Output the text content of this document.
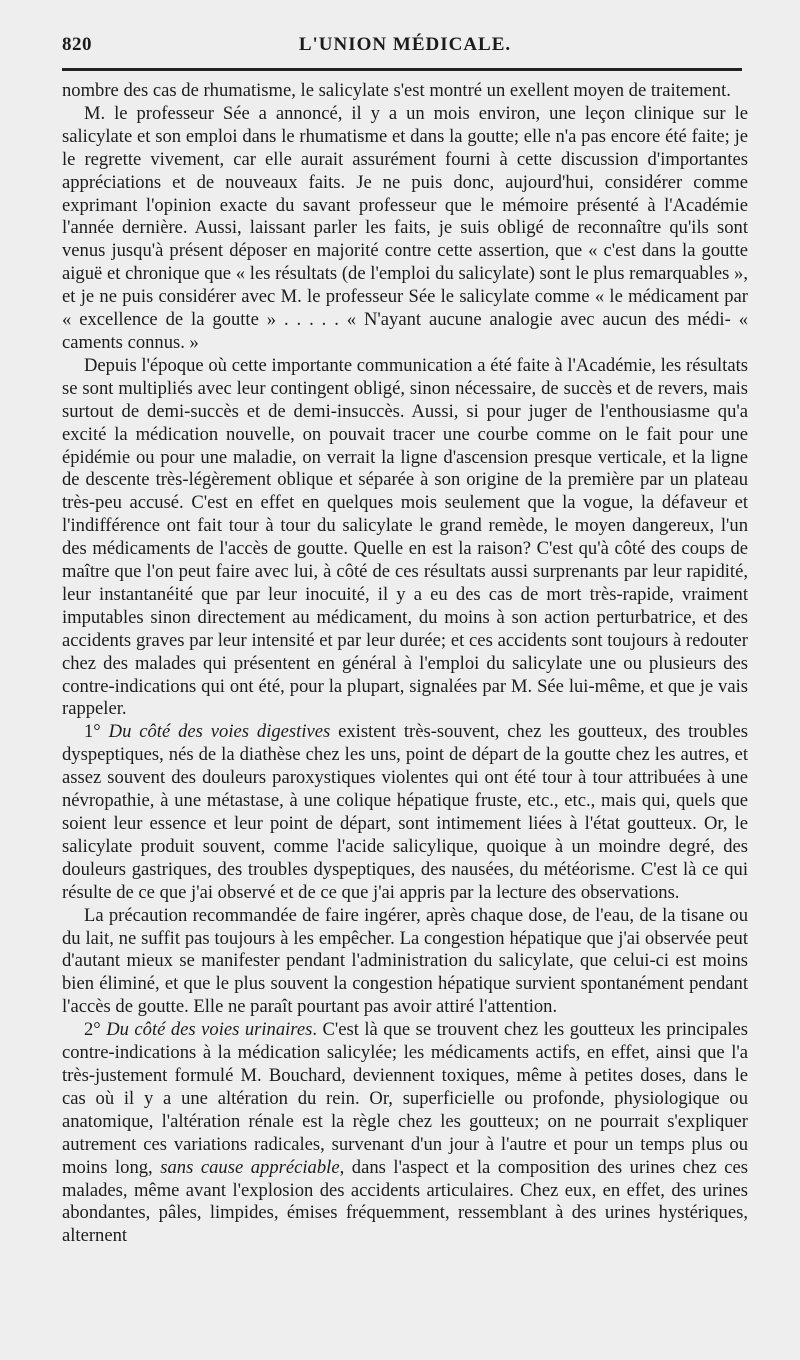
820	L'UNION MÉDICALE.

nombre des cas de rhumatisme, le salicylate s'est montré un exellent moyen de traitement.

M. le professeur Sée a annoncé, il y a un mois environ, une leçon clinique sur le salicylate et son emploi dans le rhumatisme et dans la goutte; elle n'a pas encore été faite; je le regrette vivement, car elle aurait assurément fourni à cette discussion d'importantes appréciations et de nouveaux faits. Je ne puis donc, aujourd'hui, considérer comme exprimant l'opinion exacte du savant professeur que le mémoire présenté à l'Académie l'année dernière. Aussi, laissant parler les faits, je suis obligé de reconnaître qu'ils sont venus jusqu'à présent déposer en majorité contre cette assertion, que « c'est dans la goutte aiguë et chronique que « les résultats (de l'emploi du salicylate) sont le plus remarquables », et je ne puis considérer avec M. le professeur Sée le salicylate comme « le médicament par « excellence de la goutte » . . . . . « N'ayant aucune analogie avec aucun des médi- « caments connus. »

Depuis l'époque où cette importante communication a été faite à l'Académie, les résultats se sont multipliés avec leur contingent obligé, sinon nécessaire, de succès et de revers, mais surtout de demi-succès et de demi-insuccès. Aussi, si pour juger de l'enthousiasme qu'a excité la médication nouvelle, on pouvait tracer une courbe comme on le fait pour une épidémie ou pour une maladie, on verrait la ligne d'ascension presque verticale, et la ligne de descente très-légèrement oblique et séparée à son origine de la première par un plateau très-peu accusé. C'est en effet en quelques mois seulement que la vogue, la défaveur et l'indifférence ont fait tour à tour du salicylate le grand remède, le moyen dangereux, l'un des médicaments de l'accès de goutte. Quelle en est la raison? C'est qu'à côté des coups de maître que l'on peut faire avec lui, à côté de ces résultats aussi surprenants par leur rapidité, leur instantanéité que par leur inocuité, il y a eu des cas de mort très-rapide, vraiment imputables sinon directement au médicament, du moins à son action perturbatrice, et des accidents graves par leur intensité et par leur durée; et ces accidents sont toujours à redouter chez des malades qui présentent en général à l'emploi du salicylate une ou plusieurs des contre-indications qui ont été, pour la plupart, signalées par M. Sée lui-même, et que je vais rappeler.

1° Du côté des voies digestives existent très-souvent, chez les goutteux, des troubles dyspeptiques, nés de la diathèse chez les uns, point de départ de la goutte chez les autres, et assez souvent des douleurs paroxystiques violentes qui ont été tour à tour attribuées à une névropathie, à une métastase, à une colique hépatique fruste, etc., etc., mais qui, quels que soient leur essence et leur point de départ, sont intimement liées à l'état goutteux. Or, le salicylate produit souvent, comme l'acide salicylique, quoique à un moindre degré, des douleurs gastriques, des troubles dyspeptiques, des nausées, du météorisme. C'est là ce qui résulte de ce que j'ai observé et de ce que j'ai appris par la lecture des observations.

La précaution recommandée de faire ingérer, après chaque dose, de l'eau, de la tisane ou du lait, ne suffit pas toujours à les empêcher. La congestion hépatique que j'ai observée peut d'autant mieux se manifester pendant l'administration du salicylate, que celui-ci est moins bien éliminé, et que le plus souvent la congestion hépatique survient spontanément pendant l'accès de goutte. Elle ne paraît pourtant pas avoir attiré l'attention.

2° Du côté des voies urinaires. C'est là que se trouvent chez les goutteux les principales contre-indications à la médication salicylée; les médicaments actifs, en effet, ainsi que l'a très-justement formulé M. Bouchard, deviennent toxiques, même à petites doses, dans le cas où il y a une altération du rein. Or, superficielle ou profonde, physiologique ou anatomique, l'altération rénale est la règle chez les goutteux; on ne pourrait s'expliquer autrement ces variations radicales, survenant d'un jour à l'autre et pour un temps plus ou moins long, sans cause appréciable, dans l'aspect et la composition des urines chez ces malades, même avant l'explosion des accidents articulaires. Chez eux, en effet, des urines abondantes, pâles, limpides, émises fréquemment, ressemblant à des urines hystériques, alternent
